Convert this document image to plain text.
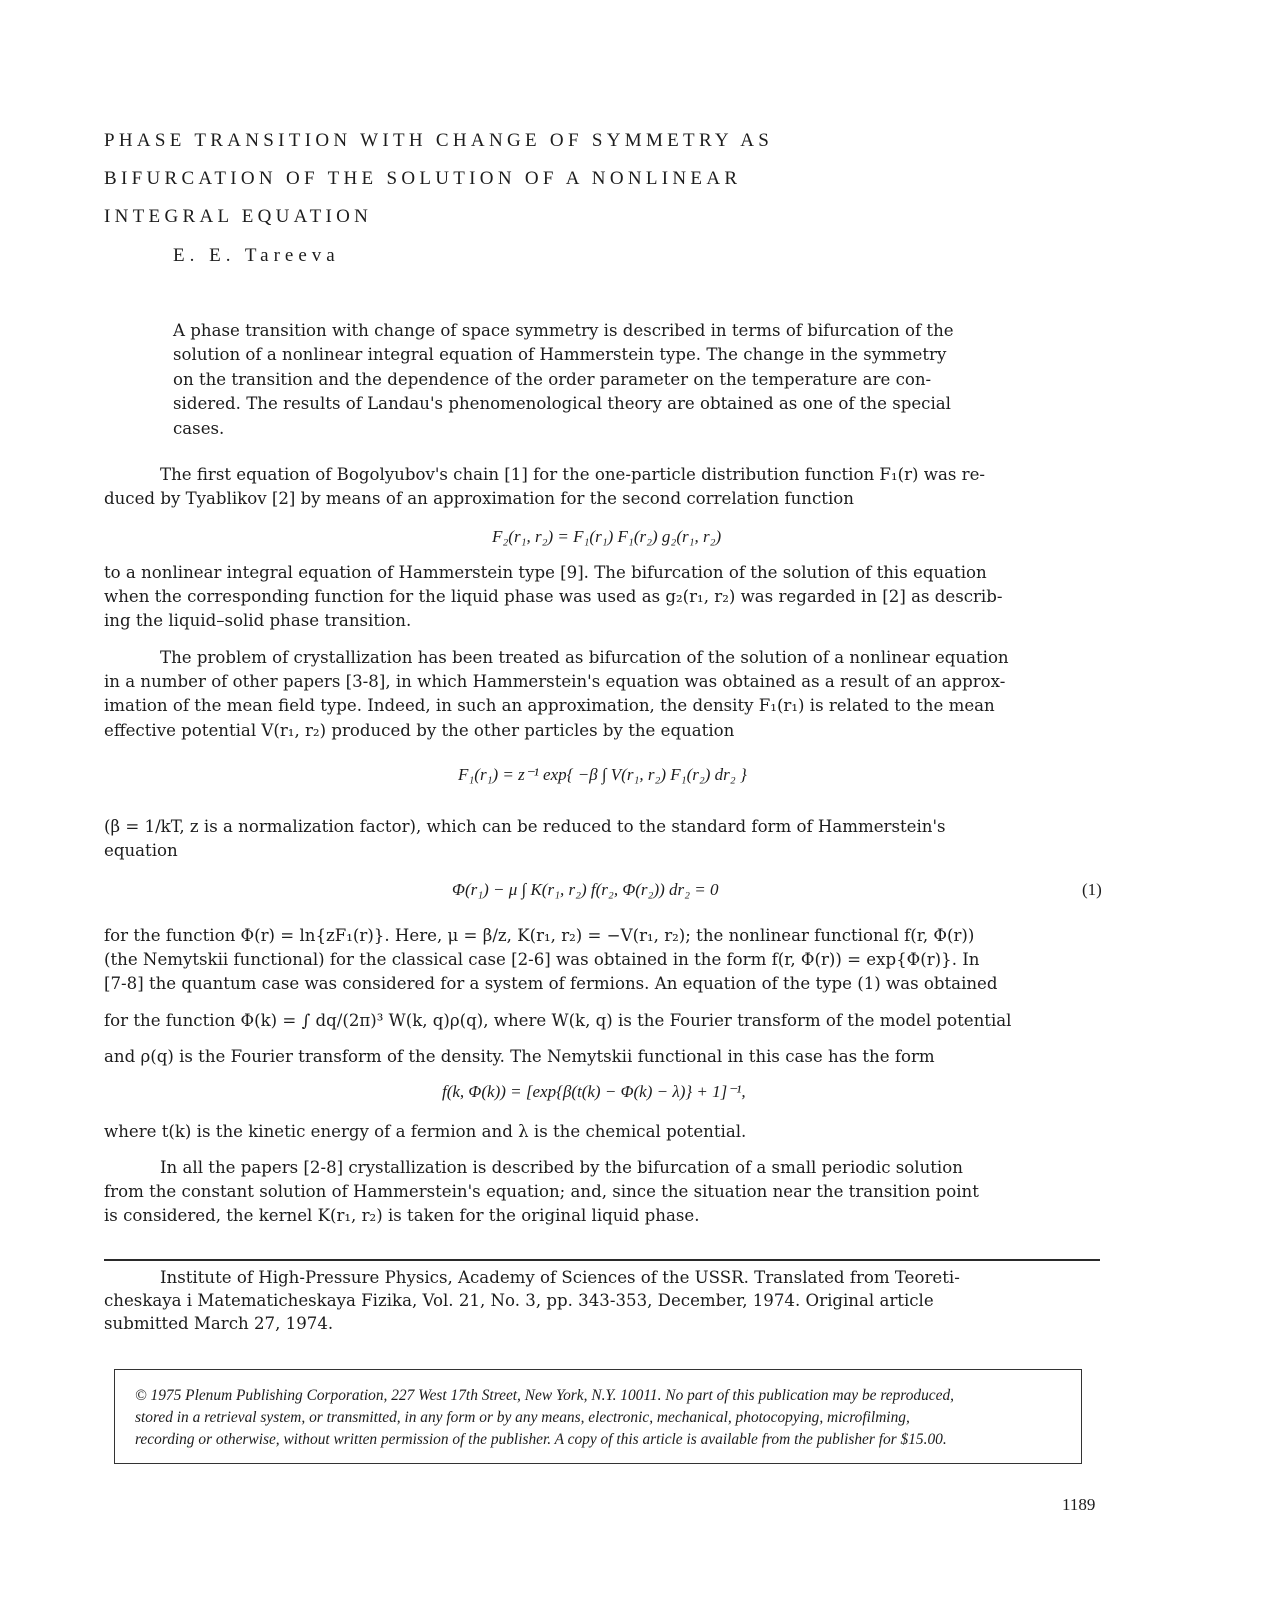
PHASE TRANSITION WITH CHANGE OF SYMMETRY AS
BIFURCATION OF THE SOLUTION OF A NONLINEAR
INTEGRAL EQUATION
E. E. Tareeva
A phase transition with change of space symmetry is described in terms of bifurcation of the
solution of a nonlinear integral equation of Hammerstein type. The change in the symmetry
on the transition and the dependence of the order parameter on the temperature are con-
sidered. The results of Landau's phenomenological theory are obtained as one of the special
cases.
The first equation of Bogolyubov's chain [1] for the one-particle distribution function F₁(r) was re-
duced by Tyablikov [2] by means of an approximation for the second correlation function
F₂(r₁, r₂) = F₁(r₁) F₁(r₂) g₂(r₁, r₂)
to a nonlinear integral equation of Hammerstein type [9]. The bifurcation of the solution of this equation
when the corresponding function for the liquid phase was used as g₂(r₁, r₂) was regarded in [2] as describ-
ing the liquid–solid phase transition.
The problem of crystallization has been treated as bifurcation of the solution of a nonlinear equation
in a number of other papers [3-8], in which Hammerstein's equation was obtained as a result of an approx-
imation of the mean field type. Indeed, in such an approximation, the density F₁(r₁) is related to the mean
effective potential V(r₁, r₂) produced by the other particles by the equation
F₁(r₁) = z⁻¹ exp{ −β ∫ V(r₁, r₂) F₁(r₂) dr₂ }
(β = 1/kT, z is a normalization factor), which can be reduced to the standard form of Hammerstein's
equation
Φ(r₁) − μ ∫ K(r₁, r₂) f(r₂, Φ(r₂)) dr₂ = 0	(1)
for the function Φ(r) = ln{zF₁(r)}. Here, μ = β/z, K(r₁, r₂) = −V(r₁, r₂); the nonlinear functional f(r, Φ(r))
(the Nemytskii functional) for the classical case [2-6] was obtained in the form f(r, Φ(r)) = exp{Φ(r)}. In
[7-8] the quantum case was considered for a system of fermions. An equation of the type (1) was obtained
for the function Φ(k) = ∫ dq/(2π)³ W(k, q)ρ(q), where W(k, q) is the Fourier transform of the model potential
and ρ(q) is the Fourier transform of the density. The Nemytskii functional in this case has the form
f(k, Φ(k)) = [exp{β(t(k) − Φ(k) − λ)} + 1]⁻¹,
where t(k) is the kinetic energy of a fermion and λ is the chemical potential.
In all the papers [2-8] crystallization is described by the bifurcation of a small periodic solution
from the constant solution of Hammerstein's equation; and, since the situation near the transition point
is considered, the kernel K(r₁, r₂) is taken for the original liquid phase.
Institute of High-Pressure Physics, Academy of Sciences of the USSR. Translated from Teoreti-
cheskaya i Matematicheskaya Fizika, Vol. 21, No. 3, pp. 343-353, December, 1974. Original article
submitted March 27, 1974.
© 1975 Plenum Publishing Corporation, 227 West 17th Street, New York, N.Y. 10011. No part of this publication may be reproduced,
stored in a retrieval system, or transmitted, in any form or by any means, electronic, mechanical, photocopying, microfilming,
recording or otherwise, without written permission of the publisher. A copy of this article is available from the publisher for $15.00.
1189
